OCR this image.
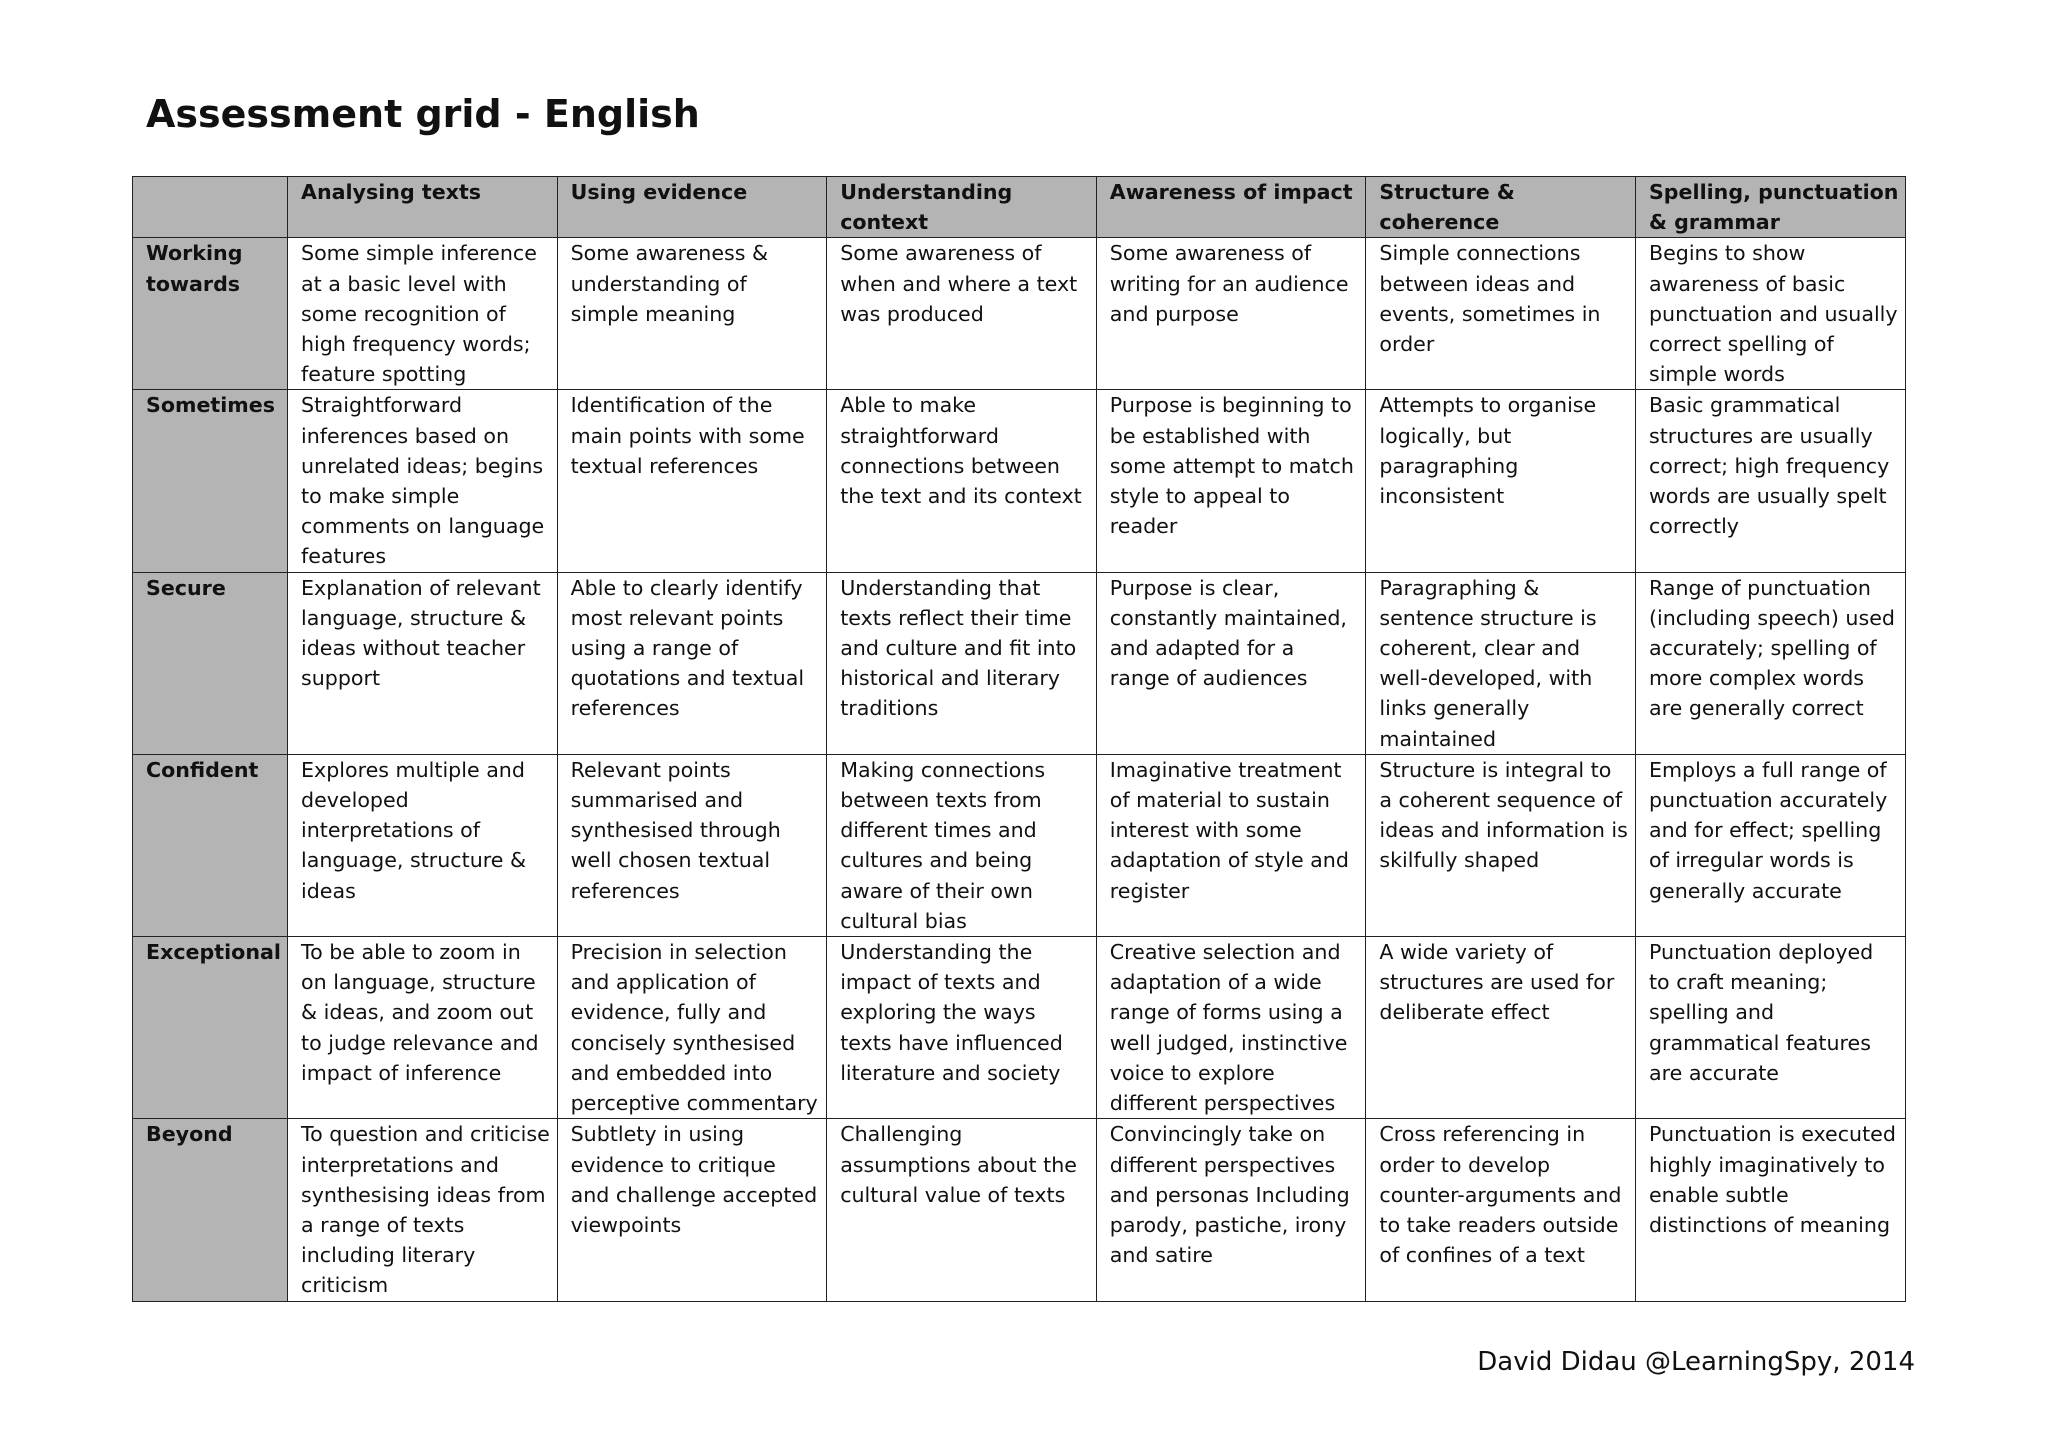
Assessment grid - English
	Analysing texts	Using evidence	Understanding context	Awareness of impact	Structure & coherence	Spelling, punctuation & grammar
Working towards	Some simple inference at a basic level with some recognition of high frequency words; feature spotting	Some awareness & understanding of simple meaning	Some awareness of when and where a text was produced	Some awareness of writing for an audience and purpose	Simple connections between ideas and events, sometimes in order	Begins to show awareness of basic punctuation and usually correct spelling of simple words
Sometimes	Straightforward inferences based on unrelated ideas; begins to make simple comments on language features	Identification of the main points with some textual references	Able to make straightforward connections between the text and its context	Purpose is beginning to be established with some attempt to match style to appeal to reader	Attempts to organise logically, but paragraphing inconsistent	Basic grammatical structures are usually correct; high frequency words are usually spelt correctly
Secure	Explanation of relevant language, structure & ideas without teacher support	Able to clearly identify most relevant points using a range of quotations and textual references	Understanding that texts reflect their time and culture and fit into historical and literary traditions	Purpose is clear, constantly maintained, and adapted for a range of audiences	Paragraphing & sentence structure is coherent, clear and well-developed, with links generally maintained	Range of punctuation (including speech) used accurately; spelling of more complex words are generally correct
Confident	Explores multiple and developed interpretations of language, structure & ideas	Relevant points summarised and synthesised through well chosen textual references	Making connections between texts from different times and cultures and being aware of their own cultural bias	Imaginative treatment of material to sustain interest with some adaptation of style and register	Structure is integral to a coherent sequence of ideas and information is skilfully shaped	Employs a full range of punctuation accurately and for effect; spelling of irregular words is generally accurate
Exceptional	To be able to zoom in on language, structure & ideas, and zoom out to judge relevance and impact of inference	Precision in selection and application of evidence, fully and concisely synthesised and embedded into perceptive commentary	Understanding the impact of texts and exploring the ways texts have influenced literature and society	Creative selection and adaptation of a wide range of forms using a well judged, instinctive voice to explore different perspectives	A wide variety of structures are used for deliberate effect	Punctuation deployed to craft meaning; spelling and grammatical features are accurate
Beyond	To question and criticise interpretations and synthesising ideas from a range of texts including literary criticism	Subtlety in using evidence to critique and challenge accepted viewpoints	Challenging assumptions about the cultural value of texts	Convincingly take on different perspectives and personas Including parody, pastiche, irony and satire	Cross referencing in order to develop counter-arguments and to take readers outside of confines of a text	Punctuation is executed highly imaginatively to enable subtle distinctions of meaning
David Didau @LearningSpy, 2014
